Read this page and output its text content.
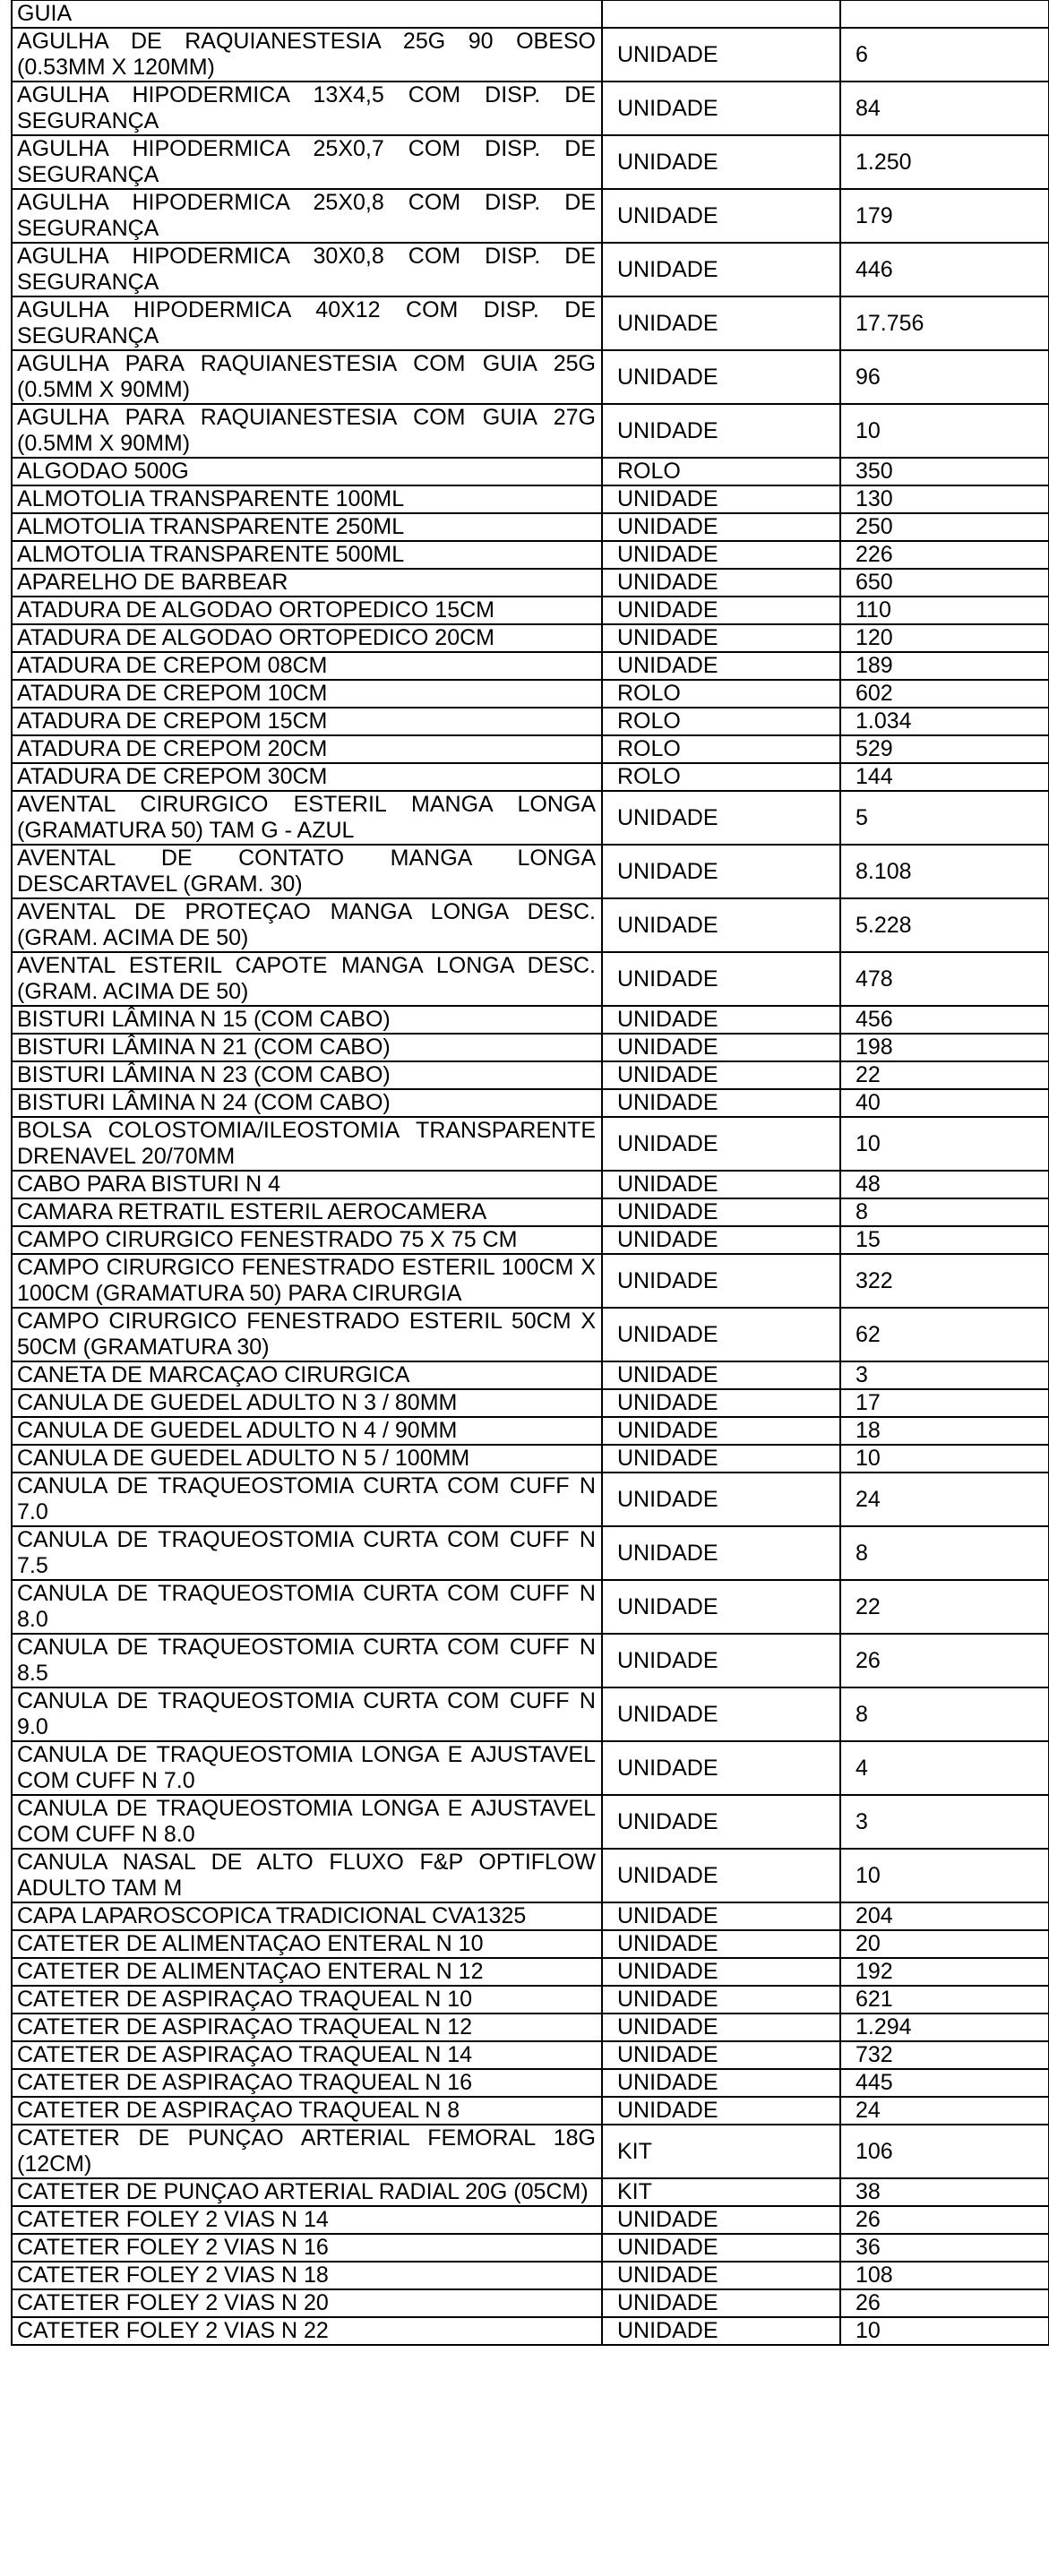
GUIA		
AGULHA DE RAQUIANESTESIA 25G 90 OBESO (0.53MM X 120MM)	UNIDADE	6
AGULHA HIPODERMICA 13X4,5 COM DISP. DE SEGURANÇA	UNIDADE	84
AGULHA HIPODERMICA 25X0,7 COM DISP. DE SEGURANÇA	UNIDADE	1.250
AGULHA HIPODERMICA 25X0,8 COM DISP. DE SEGURANÇA	UNIDADE	179
AGULHA HIPODERMICA 30X0,8 COM DISP. DE SEGURANÇA	UNIDADE	446
AGULHA HIPODERMICA 40X12 COM DISP. DE SEGURANÇA	UNIDADE	17.756
AGULHA PARA RAQUIANESTESIA COM GUIA 25G (0.5MM X 90MM)	UNIDADE	96
AGULHA PARA RAQUIANESTESIA COM GUIA 27G (0.5MM X 90MM)	UNIDADE	10
ALGODAO 500G	ROLO	350
ALMOTOLIA TRANSPARENTE 100ML	UNIDADE	130
ALMOTOLIA TRANSPARENTE 250ML	UNIDADE	250
ALMOTOLIA TRANSPARENTE 500ML	UNIDADE	226
APARELHO DE BARBEAR	UNIDADE	650
ATADURA DE ALGODAO ORTOPEDICO 15CM	UNIDADE	110
ATADURA DE ALGODAO ORTOPEDICO 20CM	UNIDADE	120
ATADURA DE CREPOM 08CM	UNIDADE	189
ATADURA DE CREPOM 10CM	ROLO	602
ATADURA DE CREPOM 15CM	ROLO	1.034
ATADURA DE CREPOM 20CM	ROLO	529
ATADURA DE CREPOM 30CM	ROLO	144
AVENTAL CIRURGICO ESTERIL MANGA LONGA (GRAMATURA 50) TAM G - AZUL	UNIDADE	5
AVENTAL DE CONTATO MANGA LONGA DESCARTAVEL (GRAM. 30)	UNIDADE	8.108
AVENTAL DE PROTEÇAO MANGA LONGA DESC. (GRAM. ACIMA DE 50)	UNIDADE	5.228
AVENTAL ESTERIL CAPOTE MANGA LONGA DESC. (GRAM. ACIMA DE 50)	UNIDADE	478
BISTURI LÂMINA N 15 (COM CABO)	UNIDADE	456
BISTURI LÂMINA N 21 (COM CABO)	UNIDADE	198
BISTURI LÂMINA N 23 (COM CABO)	UNIDADE	22
BISTURI LÂMINA N 24 (COM CABO)	UNIDADE	40
BOLSA COLOSTOMIA/ILEOSTOMIA TRANSPARENTE DRENAVEL 20/70MM	UNIDADE	10
CABO PARA BISTURI N 4	UNIDADE	48
CAMARA RETRATIL ESTERIL AEROCAMERA	UNIDADE	8
CAMPO CIRURGICO FENESTRADO 75 X 75 CM	UNIDADE	15
CAMPO CIRURGICO FENESTRADO ESTERIL 100CM X 100CM (GRAMATURA 50) PARA CIRURGIA	UNIDADE	322
CAMPO CIRURGICO FENESTRADO ESTERIL 50CM X 50CM (GRAMATURA 30)	UNIDADE	62
CANETA DE MARCAÇAO CIRURGICA	UNIDADE	3
CANULA DE GUEDEL ADULTO N 3 / 80MM	UNIDADE	17
CANULA DE GUEDEL ADULTO N 4 / 90MM	UNIDADE	18
CANULA DE GUEDEL ADULTO N 5 / 100MM	UNIDADE	10
CANULA DE TRAQUEOSTOMIA CURTA COM CUFF N 7.0	UNIDADE	24
CANULA DE TRAQUEOSTOMIA CURTA COM CUFF N 7.5	UNIDADE	8
CANULA DE TRAQUEOSTOMIA CURTA COM CUFF N 8.0	UNIDADE	22
CANULA DE TRAQUEOSTOMIA CURTA COM CUFF N 8.5	UNIDADE	26
CANULA DE TRAQUEOSTOMIA CURTA COM CUFF N 9.0	UNIDADE	8
CANULA DE TRAQUEOSTOMIA LONGA E AJUSTAVEL COM CUFF N 7.0	UNIDADE	4
CANULA DE TRAQUEOSTOMIA LONGA E AJUSTAVEL COM CUFF N 8.0	UNIDADE	3
CANULA NASAL DE ALTO FLUXO F&P OPTIFLOW ADULTO TAM M	UNIDADE	10
CAPA LAPAROSCOPICA TRADICIONAL CVA1325	UNIDADE	204
CATETER DE ALIMENTAÇAO ENTERAL N 10	UNIDADE	20
CATETER DE ALIMENTAÇAO ENTERAL N 12	UNIDADE	192
CATETER DE ASPIRAÇAO TRAQUEAL N 10	UNIDADE	621
CATETER DE ASPIRAÇAO TRAQUEAL N 12	UNIDADE	1.294
CATETER DE ASPIRAÇAO TRAQUEAL N 14	UNIDADE	732
CATETER DE ASPIRAÇAO TRAQUEAL N 16	UNIDADE	445
CATETER DE ASPIRAÇAO TRAQUEAL N 8	UNIDADE	24
CATETER DE PUNÇAO ARTERIAL FEMORAL 18G (12CM)	KIT	106
CATETER DE PUNÇAO ARTERIAL RADIAL 20G (05CM)	KIT	38
CATETER FOLEY 2 VIAS N 14	UNIDADE	26
CATETER FOLEY 2 VIAS N 16	UNIDADE	36
CATETER FOLEY 2 VIAS N 18	UNIDADE	108
CATETER FOLEY 2 VIAS N 20	UNIDADE	26
CATETER FOLEY 2 VIAS N 22	UNIDADE	10
